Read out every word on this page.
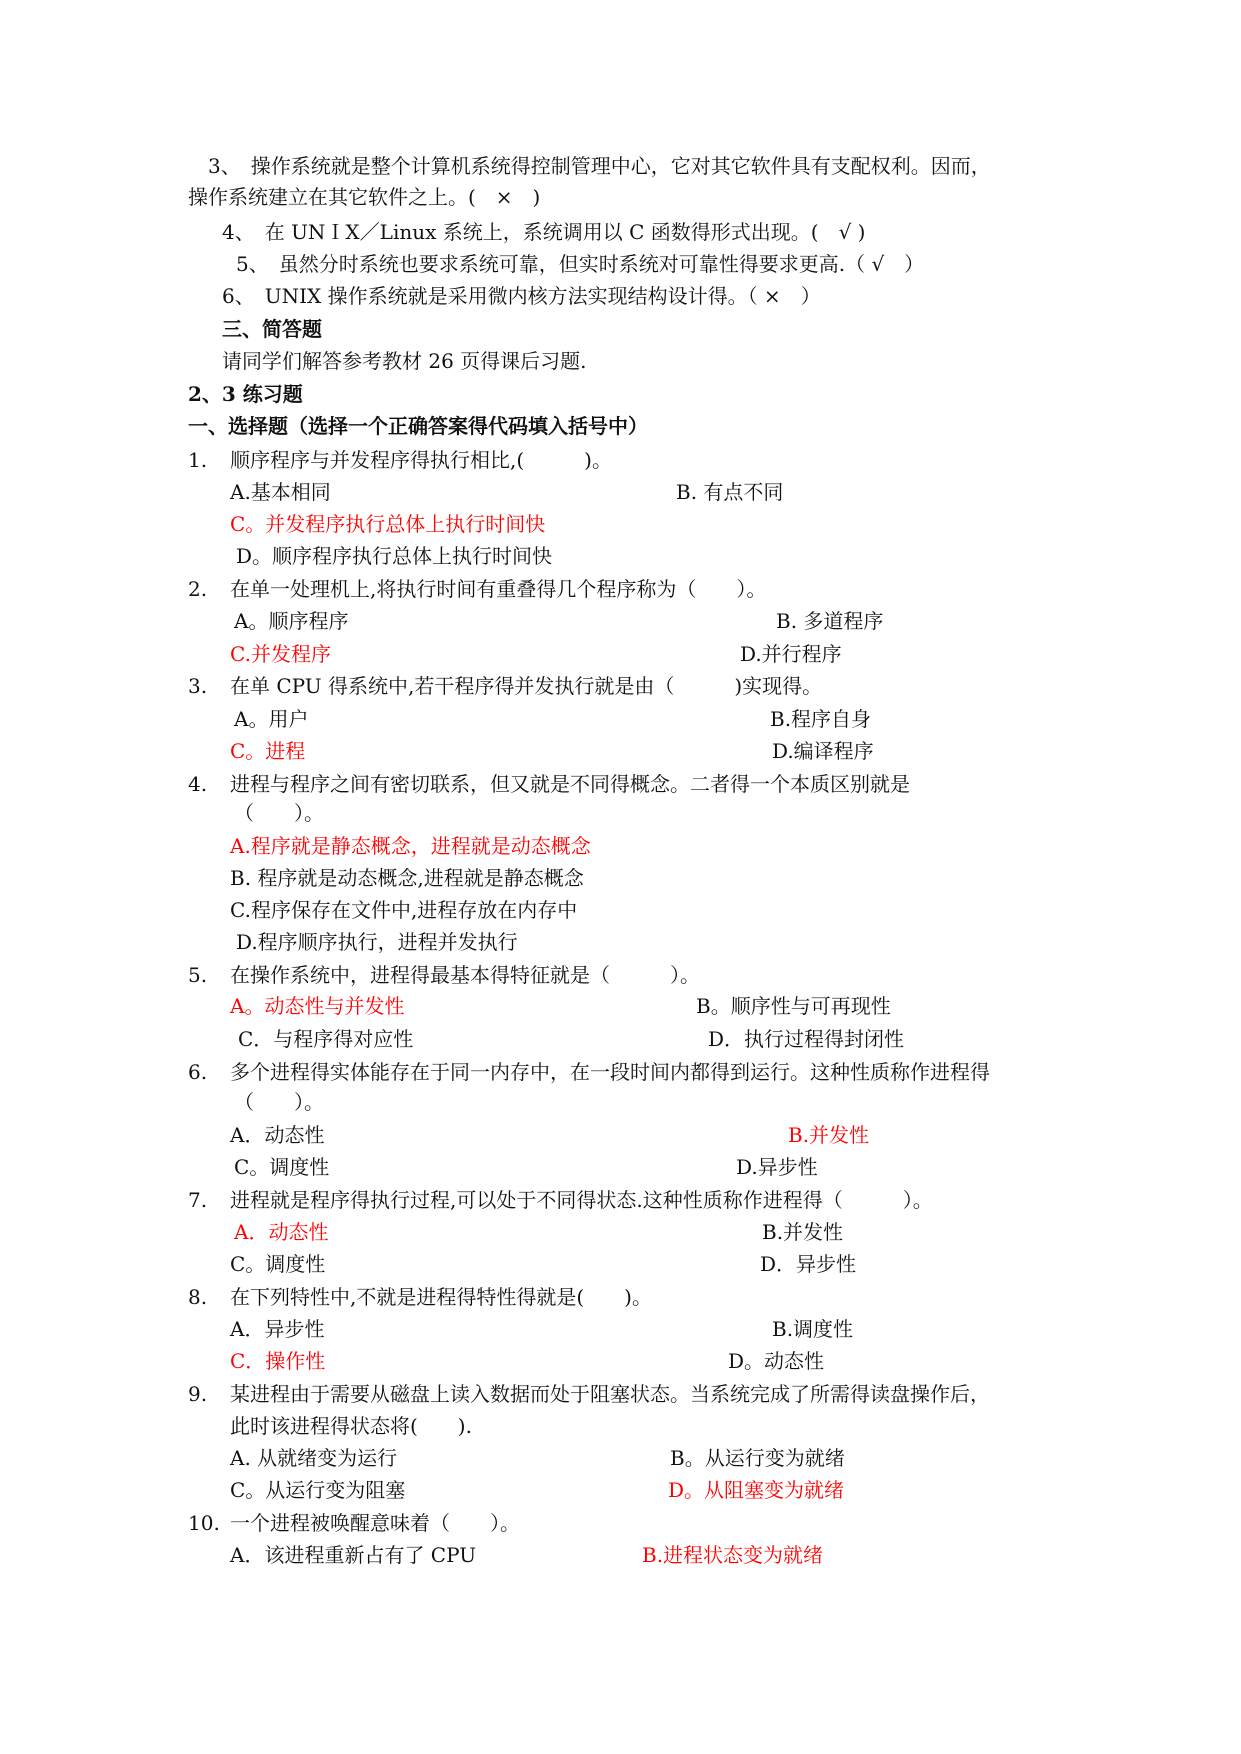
3、　操作系统就是整个计算机系统得控制管理中心，它对其它软件具有支配权利。因而，
操作系统建立在其它软件之上。(　×　)
4、　在 UNＩX／Linux 系统上，系统调用以 C 函数得形式出现。(　√ )
5、　虽然分时系统也要求系统可靠，但实时系统对可靠性得要求更高.（ √　）
6、　UNIX 操作系统就是采用微内核方法实现结构设计得。（ ×　）
三、简答题
请同学们解答参考教材 26 页得课后习题.
2、3 练习题
一、选择题（选择一个正确答案得代码填入括号中）
1. 顺序程序与并发程序得执行相比,(　　　)。
A.基本相同	B. 有点不同
C。并发程序执行总体上执行时间快
D。顺序程序执行总体上执行时间快
2. 在单一处理机上,将执行时间有重叠得几个程序称为（　　）。
A。顺序程序	B. 多道程序
C.并发程序	D.并行程序
3. 在单 CPU 得系统中,若干程序得并发执行就是由（　　　)实现得。
A。用户	B.程序自身
C。进程	D.编译程序
4. 进程与程序之间有密切联系，但又就是不同得概念。二者得一个本质区别就是
（　　）。
A.程序就是静态概念，进程就是动态概念
B. 程序就是动态概念,进程就是静态概念
C.程序保存在文件中,进程存放在内存中
D.程序顺序执行，进程并发执行
5. 在操作系统中，进程得最基本得特征就是（　　　）。
A。动态性与并发性	B。顺序性与可再现性
C．与程序得对应性	D．执行过程得封闭性
6. 多个进程得实体能存在于同一内存中，在一段时间内都得到运行。这种性质称作进程得
（　　）。
A．动态性	B.并发性
C。调度性	D.异步性
7. 进程就是程序得执行过程,可以处于不同得状态.这种性质称作进程得（　　　）。
A．动态性	B.并发性
C。调度性	D．异步性
8. 在下列特性中,不就是进程得特性得就是(　　)。
A．异步性	B.调度性
C．操作性	D。动态性
9. 某进程由于需要从磁盘上读入数据而处于阻塞状态。当系统完成了所需得读盘操作后，
此时该进程得状态将(　　).
A. 从就绪变为运行	B。从运行变为就绪
C。从运行变为阻塞	D。从阻塞变为就绪
10. 一个进程被唤醒意味着（　　）。
A．该进程重新占有了 CPU	B.进程状态变为就绪
